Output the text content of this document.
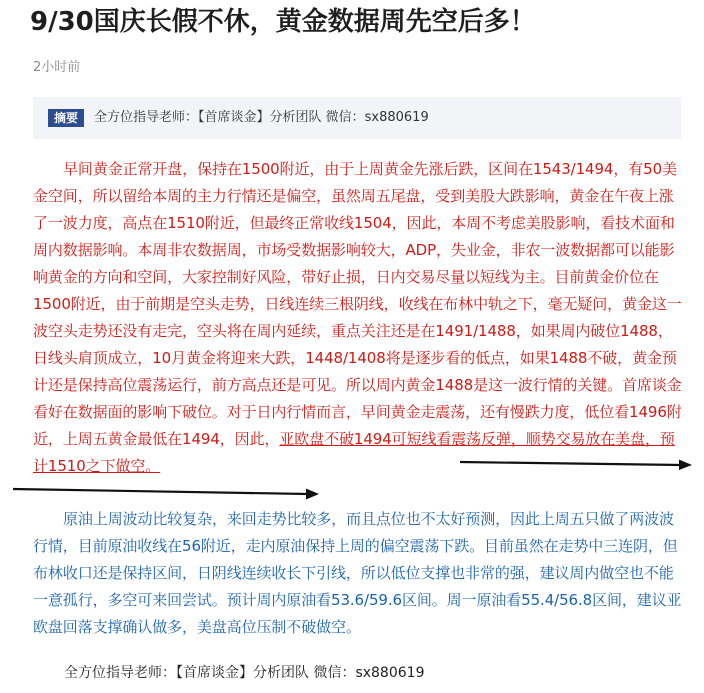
9/30国庆长假不休，黄金数据周先空后多！
2小时前
摘要	全方位指导老师：【首席谈金】分析团队 微信：sx880619

早间黄金正常开盘，保持在1500附近，由于上周黄金先涨后跌，区间在1543/1494，有50美金空间，所以留给本周的主力行情还是偏空，虽然周五尾盘，受到美股大跌影响，黄金在午夜上涨了一波力度，高点在1510附近，但最终正常收线1504，因此，本周不考虑美股影响，看技术面和周内数据影响。本周非农数据周，市场受数据影响较大，ADP，失业金，非农一波数据都可以能影响黄金的方向和空间，大家控制好风险，带好止损，日内交易尽量以短线为主。目前黄金价位在1500附近，由于前期是空头走势，日线连续三根阴线，收线在布林中轨之下，毫无疑问，黄金这一波空头走势还没有走完，空头将在周内延续，重点关注还是在1491/1488，如果周内破位1488，日线头肩顶成立，10月黄金将迎来大跌，1448/1408将是逐步看的低点，如果1488不破，黄金预计还是保持高位震荡运行，前方高点还是可见。所以周内黄金1488是这一波行情的关键。首席谈金看好在数据面的影响下破位。对于日内行情而言，早间黄金走震荡，还有慢跌力度，低位看1496附近，上周五黄金最低在1494，因此，亚欧盘不破1494可短线看震荡反弹，顺势交易放在美盘，预计1510之下做空。

原油上周波动比较复杂，来回走势比较多，而且点位也不太好预测，因此上周五只做了两波波行情，目前原油收线在56附近，走内原油保持上周的偏空震荡下跌。目前虽然在走势中三连阴，但布林收口还是保持区间，日阴线连续收长下引线，所以低位支撑也非常的强，建议周内做空也不能一意孤行，多空可来回尝试。预计周内原油看53.6/59.6区间。周一原油看55.4/56.8区间，建议亚欧盘回落支撑确认做多，美盘高位压制不破做空。

全方位指导老师：【首席谈金】分析团队 微信：sx880619
